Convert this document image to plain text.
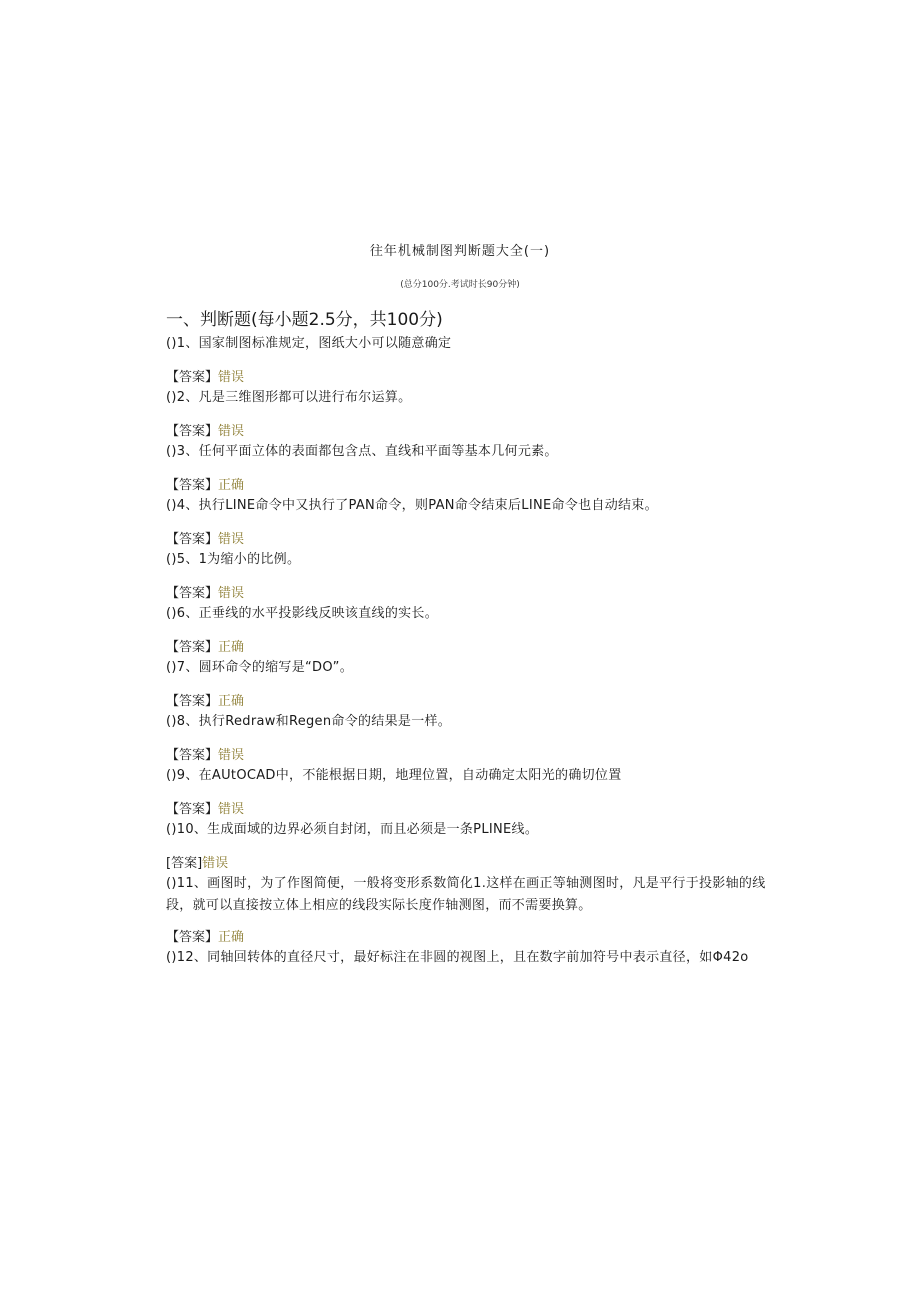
往年机械制图判断题大全(一)
(总分100分.考试时长90分钟)
一、判断题(每小题2.5分，共100分)
()1、国家制图标准规定，图纸大小可以随意确定
【答案】错误
()2、凡是三维图形都可以进行布尔运算。
【答案】错误
()3、任何平面立体的表面都包含点、直线和平面等基本几何元素。
【答案】正确
()4、执行LINE命令中又执行了PAN命令，则PAN命令结束后LINE命令也自动结束。
【答案】错误
()5、1为缩小的比例。
【答案】错误
()6、正垂线的水平投影线反映该直线的实长。
【答案】正确
()7、圆环命令的缩写是“DO”。
【答案】正确
()8、执行Redraw和Regen命令的结果是一样。
【答案】错误
()9、在AUtOCAD中，不能根据日期，地理位置，自动确定太阳光的确切位置
【答案】错误
()10、生成面域的边界必须自封闭，而且必须是一条PLINE线。
[答案]错误
()11、画图时，为了作图简便，一般将变形系数简化1.这样在画正等轴测图时，凡是平行于投影轴的线段，就可以直接按立体上相应的线段实际长度作轴测图，而不需要换算。
【答案】正确
()12、同轴回转体的直径尺寸，最好标注在非圆的视图上，且在数字前加符号中表示直径，如Φ42o
